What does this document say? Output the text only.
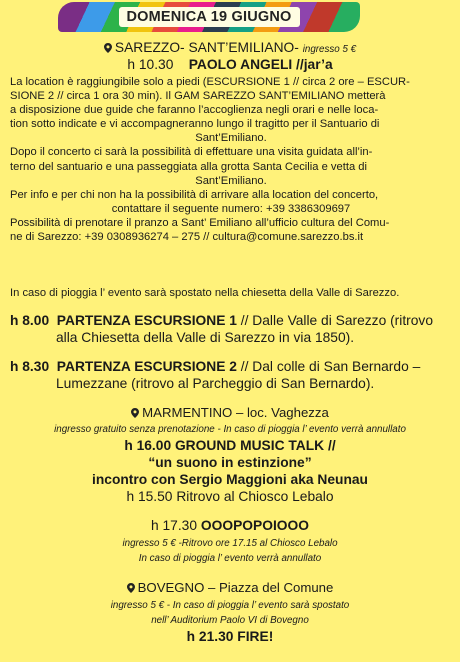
DOMENICA 19 GIUGNO
SAREZZO- SANT’EMILIANO- ingresso 5 €
h 10.30 PAOLO ANGELI //jar’a

La location è raggiungibile solo a piedi (ESCURSIONE 1 // circa 2 ore – ESCUR-

SIONE 2 // circa 1 ora 30 min). Il GAM SAREZZO SANT’EMILIANO metterà

a disposizione due guide che faranno l’accoglienza negli orari e nelle loca-

tion sotto indicate e vi accompagneranno lungo il tragitto per il Santuario di

Sant’Emiliano.

Dopo il concerto ci sarà la possibilità di effettuare una visita guidata all’in-

terno del santuario e una passeggiata alla grotta Santa Cecilia e vetta di

Sant’Emiliano.

Per info e per chi non ha la possibilità di arrivare alla location del concerto,

contattare il seguente numero: +39 3386309697

Possibilità di prenotare il pranzo a Sant’ Emiliano all’ufficio cultura del Comu-

ne di Sarezzo: +39 0308936274 – 275 // cultura@comune.sarezzo.bs.it

In caso di pioggia l’ evento sarà spostato nella chiesetta della Valle di Sarezzo.

h 8.00 PARTENZA ESCURSIONE 1 // Dalle Valle di Sarezzo (ritrovo
alla Chiesetta della Valle di Sarezzo in via 1850).
h 8.30 PARTENZA ESCURSIONE 2 // Dal colle di San Bernardo –
Lumezzane (ritrovo al Parcheggio di San Bernardo).
MARMENTINO – loc. Vaghezza
ingresso gratuito senza prenotazione - In caso di pioggia l’ evento verrà annullato
h 16.00 GROUND MUSIC TALK //
“un suono in estinzione”
incontro con Sergio Maggioni aka Neunau
h 15.50 Ritrovo al Chiosco Lebalo
h 17.30 OOOPOPOIOOO
ingresso 5 € -Ritrovo ore 17.15 al Chiosco Lebalo
In caso di pioggia l’ evento verrà annullato
BOVEGNO – Piazza del Comune
ingresso 5 € - In caso di pioggia l’ evento sarà spostato
nell’ Auditorium Paolo VI di Bovegno
h 21.30 FIRE!
